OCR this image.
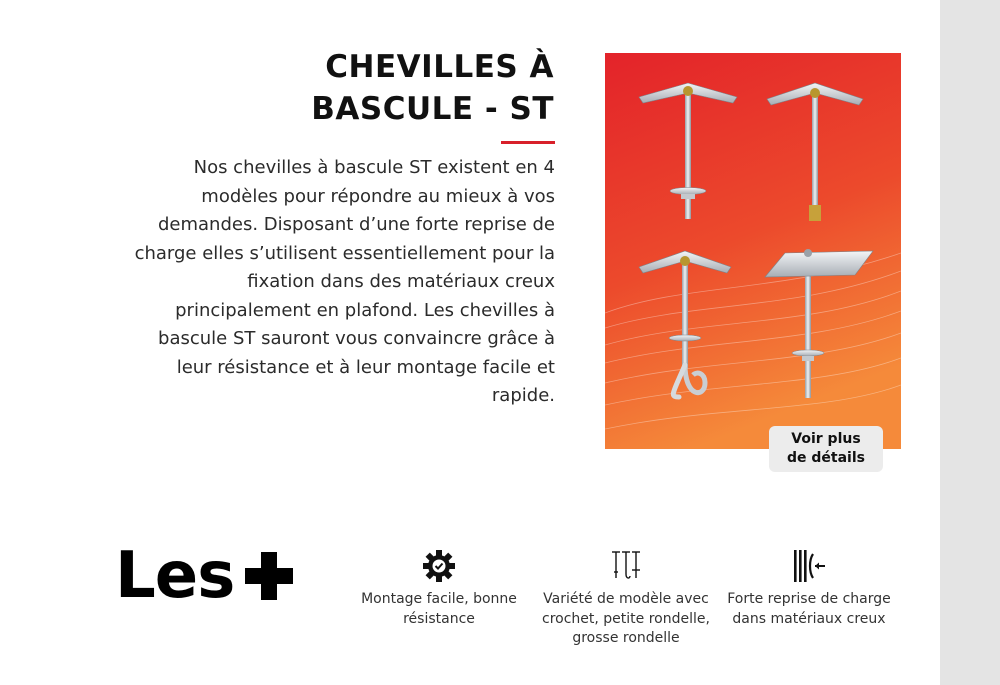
CHEVILLES À
BASCULE - ST

Nos chevilles à bascule ST existent en 4 modèles pour répondre au mieux à vos demandes. Disposant d’une forte reprise de charge elles s’utilisent essentiellement pour la fixation dans des matériaux creux principalement en plafond. Les chevilles à bascule ST sauront vous convaincre grâce à leur résistance et à leur montage facile et rapide.

Voir plus
de détails
Les	Montage facile, bonne résistance
Variété de modèle avec crochet, petite rondelle, grosse rondelle
Forte reprise de charge dans matériaux creux
